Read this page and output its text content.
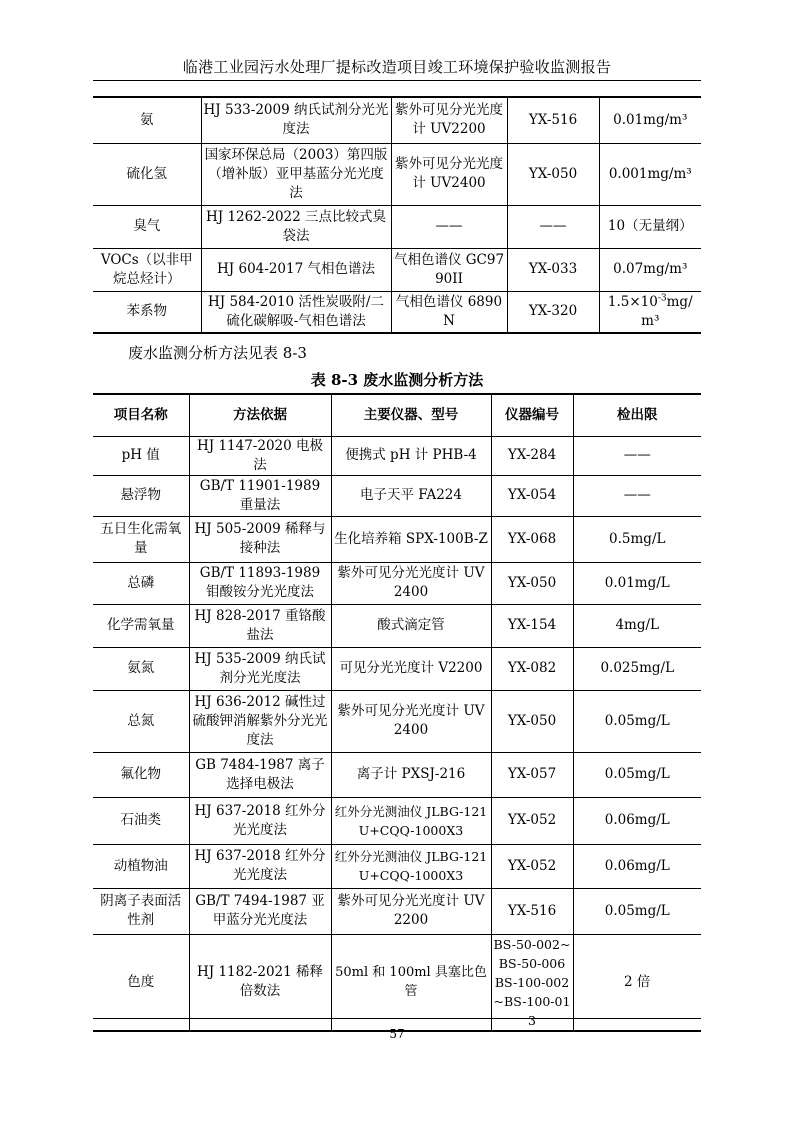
临港工业园污水处理厂提标改造项目竣工环境保护验收监测报告
氨	HJ 533-2009 纳氏试剂分光光度法	紫外可见分光光度计 UV2200	YX-516	0.01mg/m³
硫化氢	国家环保总局（2003）第四版（增补版）亚甲基蓝分光光度法	紫外可见分光光度计 UV2400	YX-050	0.001mg/m³
臭气	HJ 1262-2022 三点比较式臭袋法	——	——	10（无量纲）
VOCs（以非甲烷总烃计）	HJ 604-2017 气相色谱法	气相色谱仪 GC9790II	YX-033	0.07mg/m³
苯系物	HJ 584-2010 活性炭吸附/二硫化碳解吸-气相色谱法	气相色谱仪 6890N	YX-320	$1.5\times 10^{-3}mg/m^3$
废水监测分析方法见表 8-3
表 8-3 废水监测分析方法
项目名称	方法依据	主要仪器、型号	仪器编号	检出限
pH 值	HJ 1147-2020 电极法	便携式 pH 计 PHB-4	YX-284	——
悬浮物	GB/T 11901-1989 重量法	电子天平 FA224	YX-054	——
五日生化需氧量	HJ 505-2009 稀释与接种法	生化培养箱 SPX-100B-Z	YX-068	0.5mg/L
总磷	GB/T 11893-1989 钼酸铵分光光度法	紫外可见分光光度计 UV2400	YX-050	0.01mg/L
化学需氧量	HJ 828-2017 重铬酸盐法	酸式滴定管	YX-154	4mg/L
氨氮	HJ 535-2009 纳氏试剂分光光度法	可见分光光度计 V2200	YX-082	0.025mg/L
总氮	HJ 636-2012 碱性过硫酸钾消解紫外分光光度法	紫外可见分光光度计 UV2400	YX-050	0.05mg/L
氟化物	GB 7484-1987 离子选择电极法	离子计 PXSJ-216	YX-057	0.05mg/L
石油类	HJ 637-2018 红外分光光度法	红外分光测油仪 JLBG-121U+CQQ-1000X3	YX-052	0.06mg/L
动植物油	HJ 637-2018 红外分光光度法	红外分光测油仪 JLBG-121U+CQQ-1000X3	YX-052	0.06mg/L
阴离子表面活性剂	GB/T 7494-1987 亚甲蓝分光光度法	紫外可见分光光度计 UV2200	YX-516	0.05mg/L
色度	HJ 1182-2021 稀释倍数法	50ml 和 100ml 具塞比色管	BS-50-002~BS-50-006 BS-100-002~BS-100-013	2 倍
57
